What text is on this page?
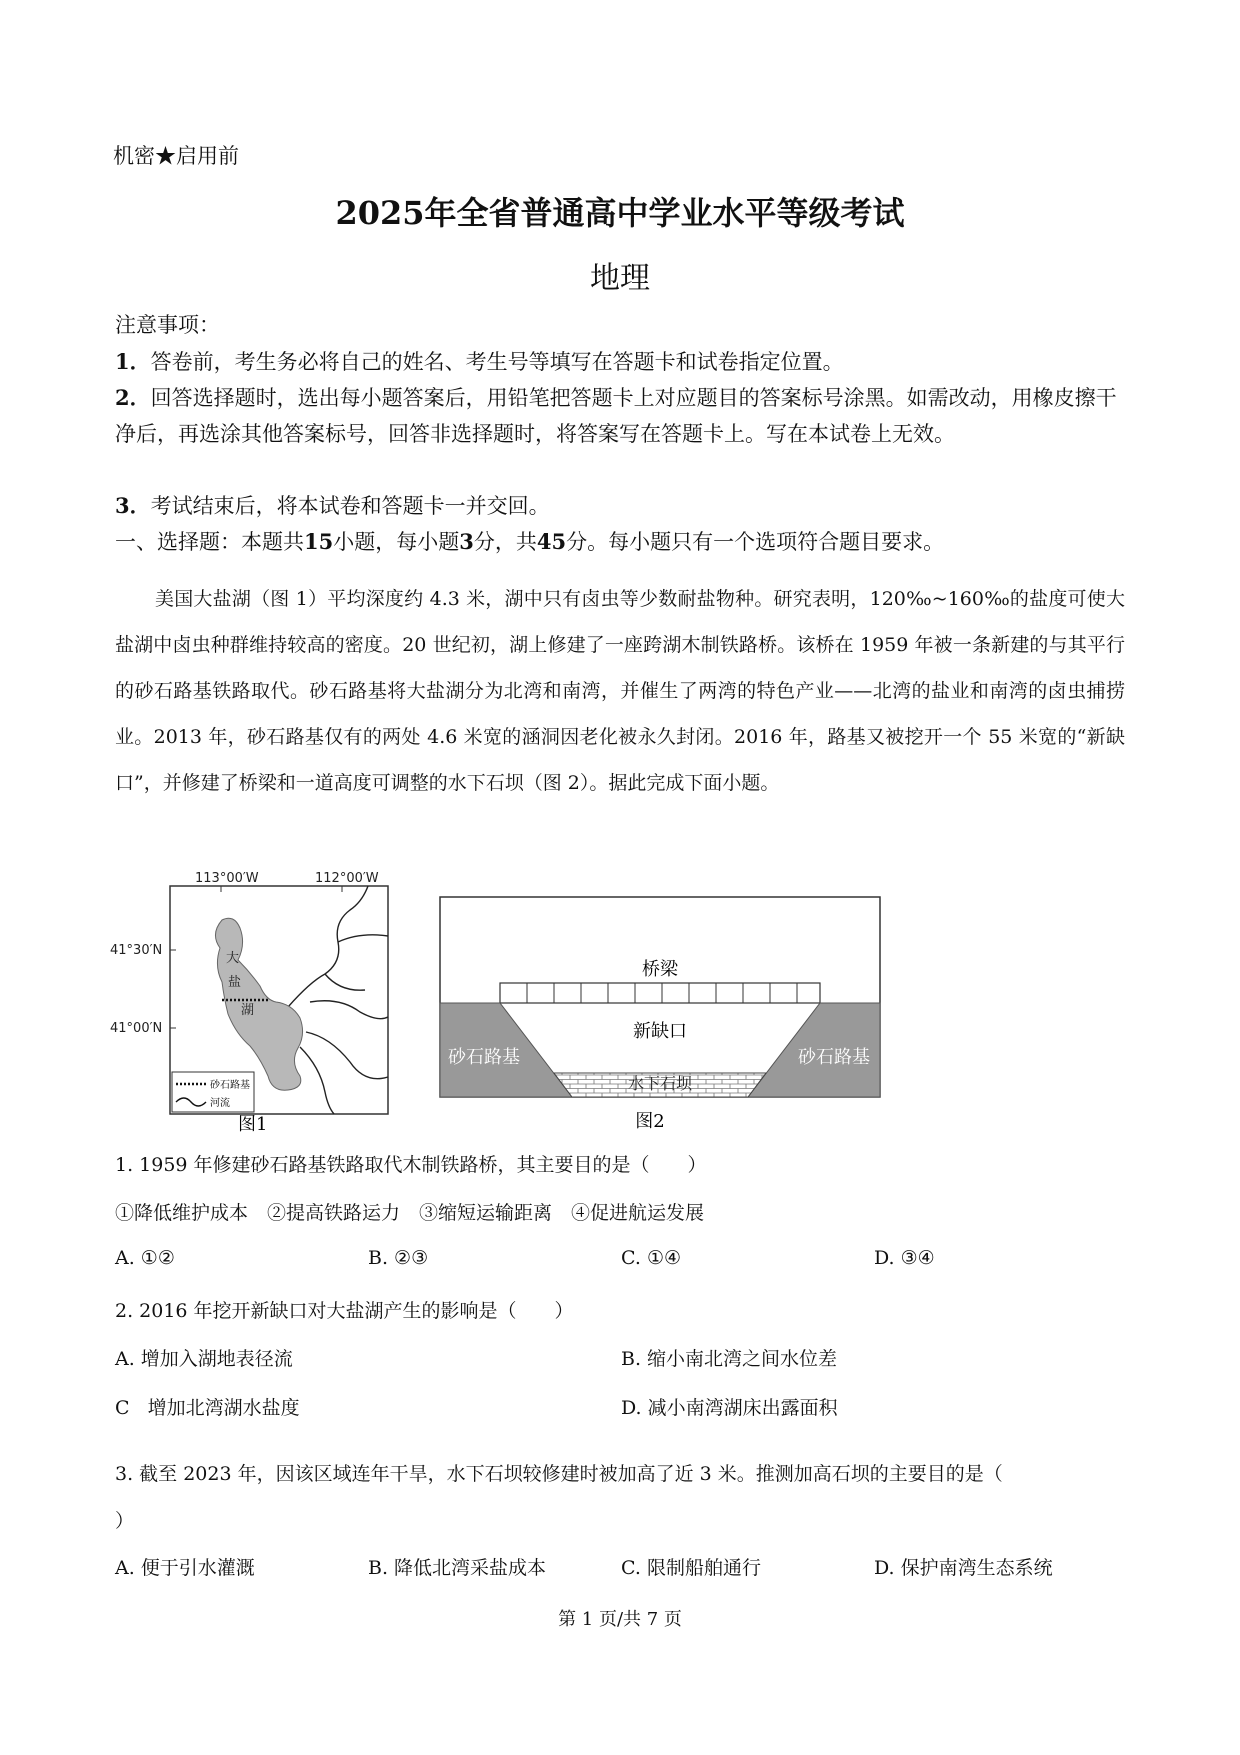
机密★启用前
2025年全省普通高中学业水平等级考试
地理
注意事项：
1．答卷前，考生务必将自己的姓名、考生号等填写在答题卡和试卷指定位置。
2．回答选择题时，选出每小题答案后，用铅笔把答题卡上对应题目的答案标号涂黑。如需改动，用橡皮擦干净后，再选涂其他答案标号，回答非选择题时，将答案写在答题卡上。写在本试卷上无效。
3．考试结束后，将本试卷和答题卡一并交回。
一、选择题：本题共15小题，每小题3分，共45分。每小题只有一个选项符合题目要求。
美国大盐湖（图 1）平均深度约 4.3 米，湖中只有卤虫等少数耐盐物种。研究表明，120‰~160‰的盐度可使大盐湖中卤虫种群维持较高的密度。20 世纪初，湖上修建了一座跨湖木制铁路桥。该桥在 1959 年被一条新建的与其平行的砂石路基铁路取代。砂石路基将大盐湖分为北湾和南湾，并催生了两湾的特色产业——北湾的盐业和南湾的卤虫捕捞业。2013 年，砂石路基仅有的两处 4.6 米宽的涵洞因老化被永久封闭。2016 年，路基又被挖开一个 55 米宽的“新缺口”，并修建了桥梁和一道高度可调整的水下石坝（图 2）。据此完成下面小题。
113°00′W	112°00′W
41°30′N
41°00′N
大
盐
湖
砂石路基
河流
图1
桥梁
砂石路基	砂石路基
新缺口
水下石坝
图2
1. 1959 年修建砂石路基铁路取代木制铁路桥，其主要目的是（　　）
①降低维护成本　②提高铁路运力　③缩短运输距离　④促进航运发展
A. ①②	B. ②③	C. ①④	D. ③④
2. 2016 年挖开新缺口对大盐湖产生的影响是（　　）
A. 增加入湖地表径流	B. 缩小南北湾之间水位差
C   增加北湾湖水盐度	D. 减小南湾湖床出露面积
3. 截至 2023 年，因该区域连年干旱，水下石坝较修建时被加高了近 3 米。推测加高石坝的主要目的是（
）
A. 便于引水灌溉	B. 降低北湾采盐成本	C. 限制船舶通行	D. 保护南湾生态系统
第 1 页/共 7 页
